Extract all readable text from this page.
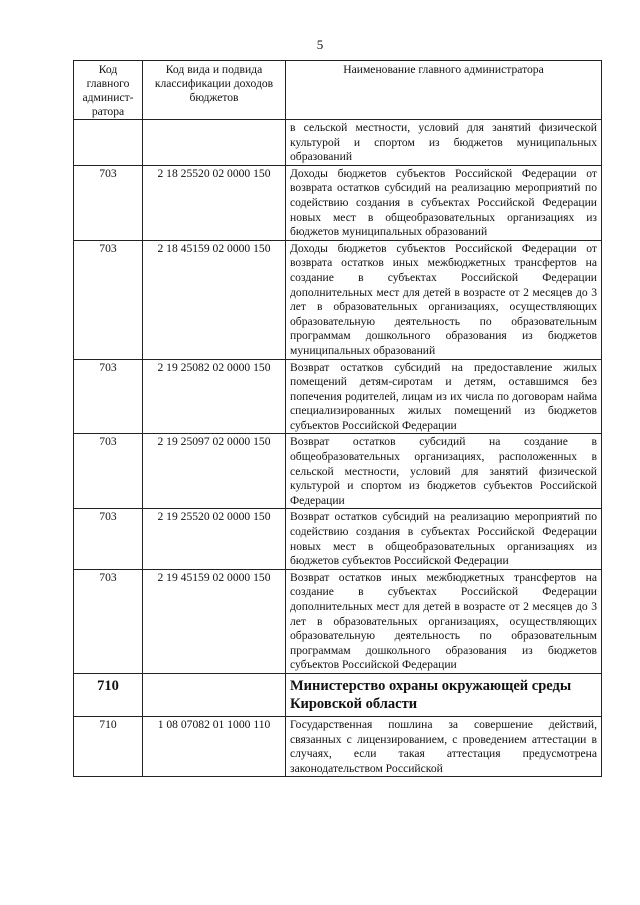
5
Код главного админист-ратора	Код вида и подвида классификации доходов бюджетов	Наименование главного администратора
		в сельской местности, условий для занятий физической культурой и спортом из бюджетов муниципальных образований
703	2 18 25520 02 0000 150	Доходы бюджетов субъектов Российской Федерации от возврата остатков субсидий на реализацию мероприятий по содействию создания в субъектах Российской Федерации новых мест в общеобразовательных организациях из бюджетов муниципальных образований
703	2 18 45159 02 0000 150	Доходы бюджетов субъектов Российской Федерации от возврата остатков иных межбюджетных трансфертов на создание в субъектах Российской Федерации дополнительных мест для детей в возрасте от 2 месяцев до 3 лет в образовательных организациях, осуществляющих образовательную деятельность по образовательным программам дошкольного образования из бюджетов муниципальных образований
703	2 19 25082 02 0000 150	Возврат остатков субсидий на предоставление жилых помещений детям-сиротам и детям, оставшимся без попечения родителей, лицам из их числа по договорам найма специализированных жилых помещений из бюджетов субъектов Российской Федерации
703	2 19 25097 02 0000 150	Возврат остатков субсидий на создание в общеобразовательных организациях, расположенных в сельской местности, условий для занятий физической культурой и спортом из бюджетов субъектов Российской Федерации
703	2 19 25520 02 0000 150	Возврат остатков субсидий на реализацию мероприятий по содействию создания в субъектах Российской Федерации новых мест в общеобразовательных организациях из бюджетов субъектов Российской Федерации
703	2 19 45159 02 0000 150	Возврат остатков иных межбюджетных трансфертов на создание в субъектах Российской Федерации дополнительных мест для детей в возрасте от 2 месяцев до 3 лет в образовательных организациях, осуществляющих образовательную деятельность по образовательным программам дошкольного образования из бюджетов субъектов Российской Федерации
710		Министерство охраны окружающей среды Кировской области
710	1 08 07082 01 1000 110	Государственная пошлина за совершение действий, связанных с лицензированием, с проведением аттестации в случаях, если такая аттестация предусмотрена законодательством Российской
